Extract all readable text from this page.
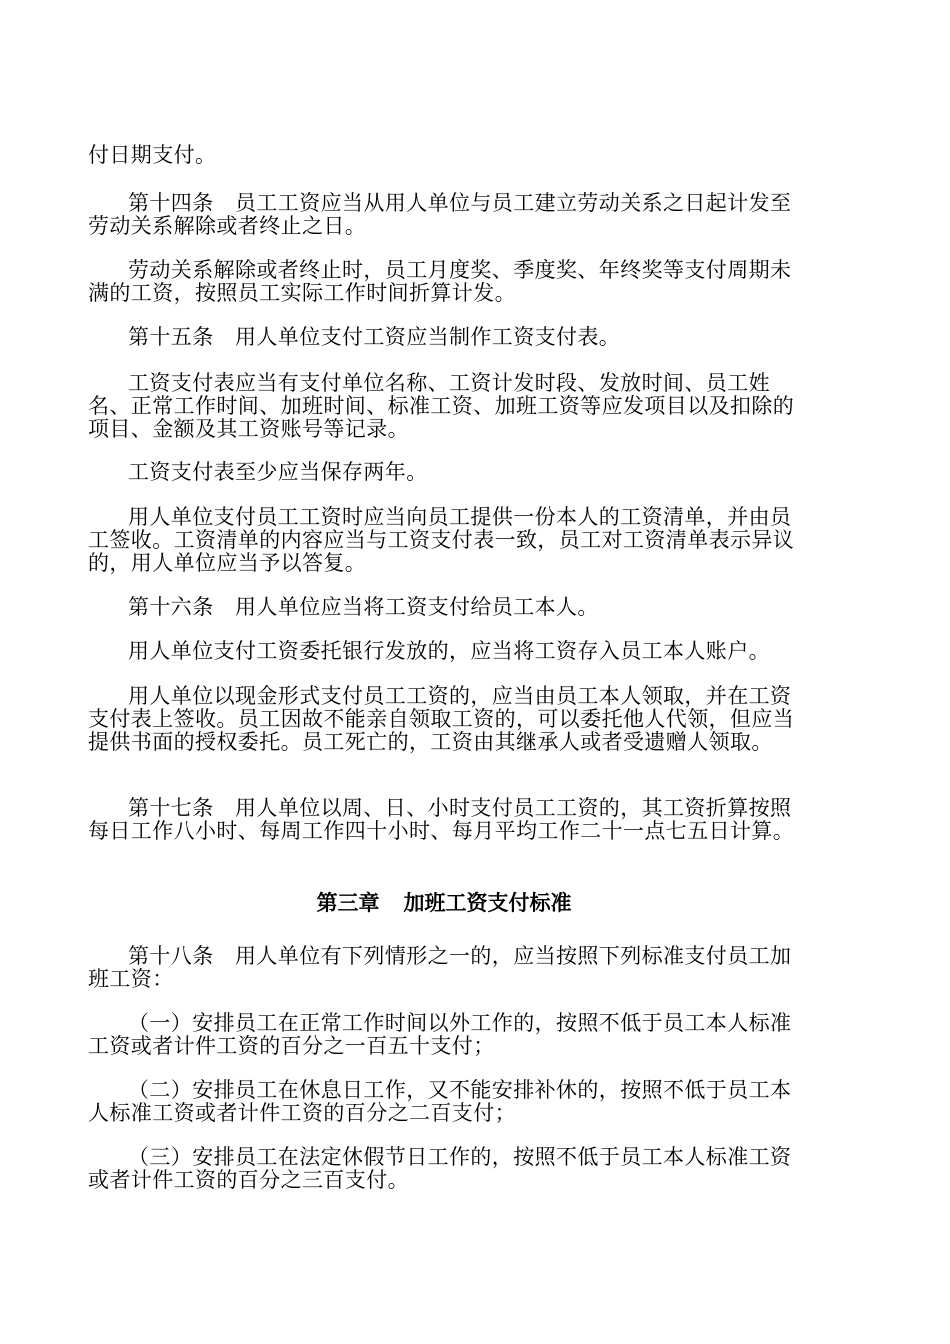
付日期支付。

第十四条　员工工资应当从用人单位与员工建立劳动关系之日起计发至劳动关系解除或者终止之日。

劳动关系解除或者终止时，员工月度奖、季度奖、年终奖等支付周期未满的工资，按照员工实际工作时间折算计发。

第十五条　用人单位支付工资应当制作工资支付表。

工资支付表应当有支付单位名称、工资计发时段、发放时间、员工姓名、正常工作时间、加班时间、标准工资、加班工资等应发项目以及扣除的项目、金额及其工资账号等记录。

工资支付表至少应当保存两年。

用人单位支付员工工资时应当向员工提供一份本人的工资清单，并由员工签收。工资清单的内容应当与工资支付表一致，员工对工资清单表示异议的，用人单位应当予以答复。

第十六条　用人单位应当将工资支付给员工本人。

用人单位支付工资委托银行发放的，应当将工资存入员工本人账户。

用人单位以现金形式支付员工工资的，应当由员工本人领取，并在工资支付表上签收。员工因故不能亲自领取工资的，可以委托他人代领，但应当提供书面的授权委托。员工死亡的，工资由其继承人或者受遗赠人领取。

第十七条　用人单位以周、日、小时支付员工工资的，其工资折算按照每日工作八小时、每周工作四十小时、每月平均工作二十一点七五日计算。

第三章 加班工资支付标准

第十八条　用人单位有下列情形之一的，应当按照下列标准支付员工加班工资：

（一）安排员工在正常工作时间以外工作的，按照不低于员工本人标准工资或者计件工资的百分之一百五十支付；

（二）安排员工在休息日工作，又不能安排补休的，按照不低于员工本人标准工资或者计件工资的百分之二百支付；

（三）安排员工在法定休假节日工作的，按照不低于员工本人标准工资或者计件工资的百分之三百支付。
